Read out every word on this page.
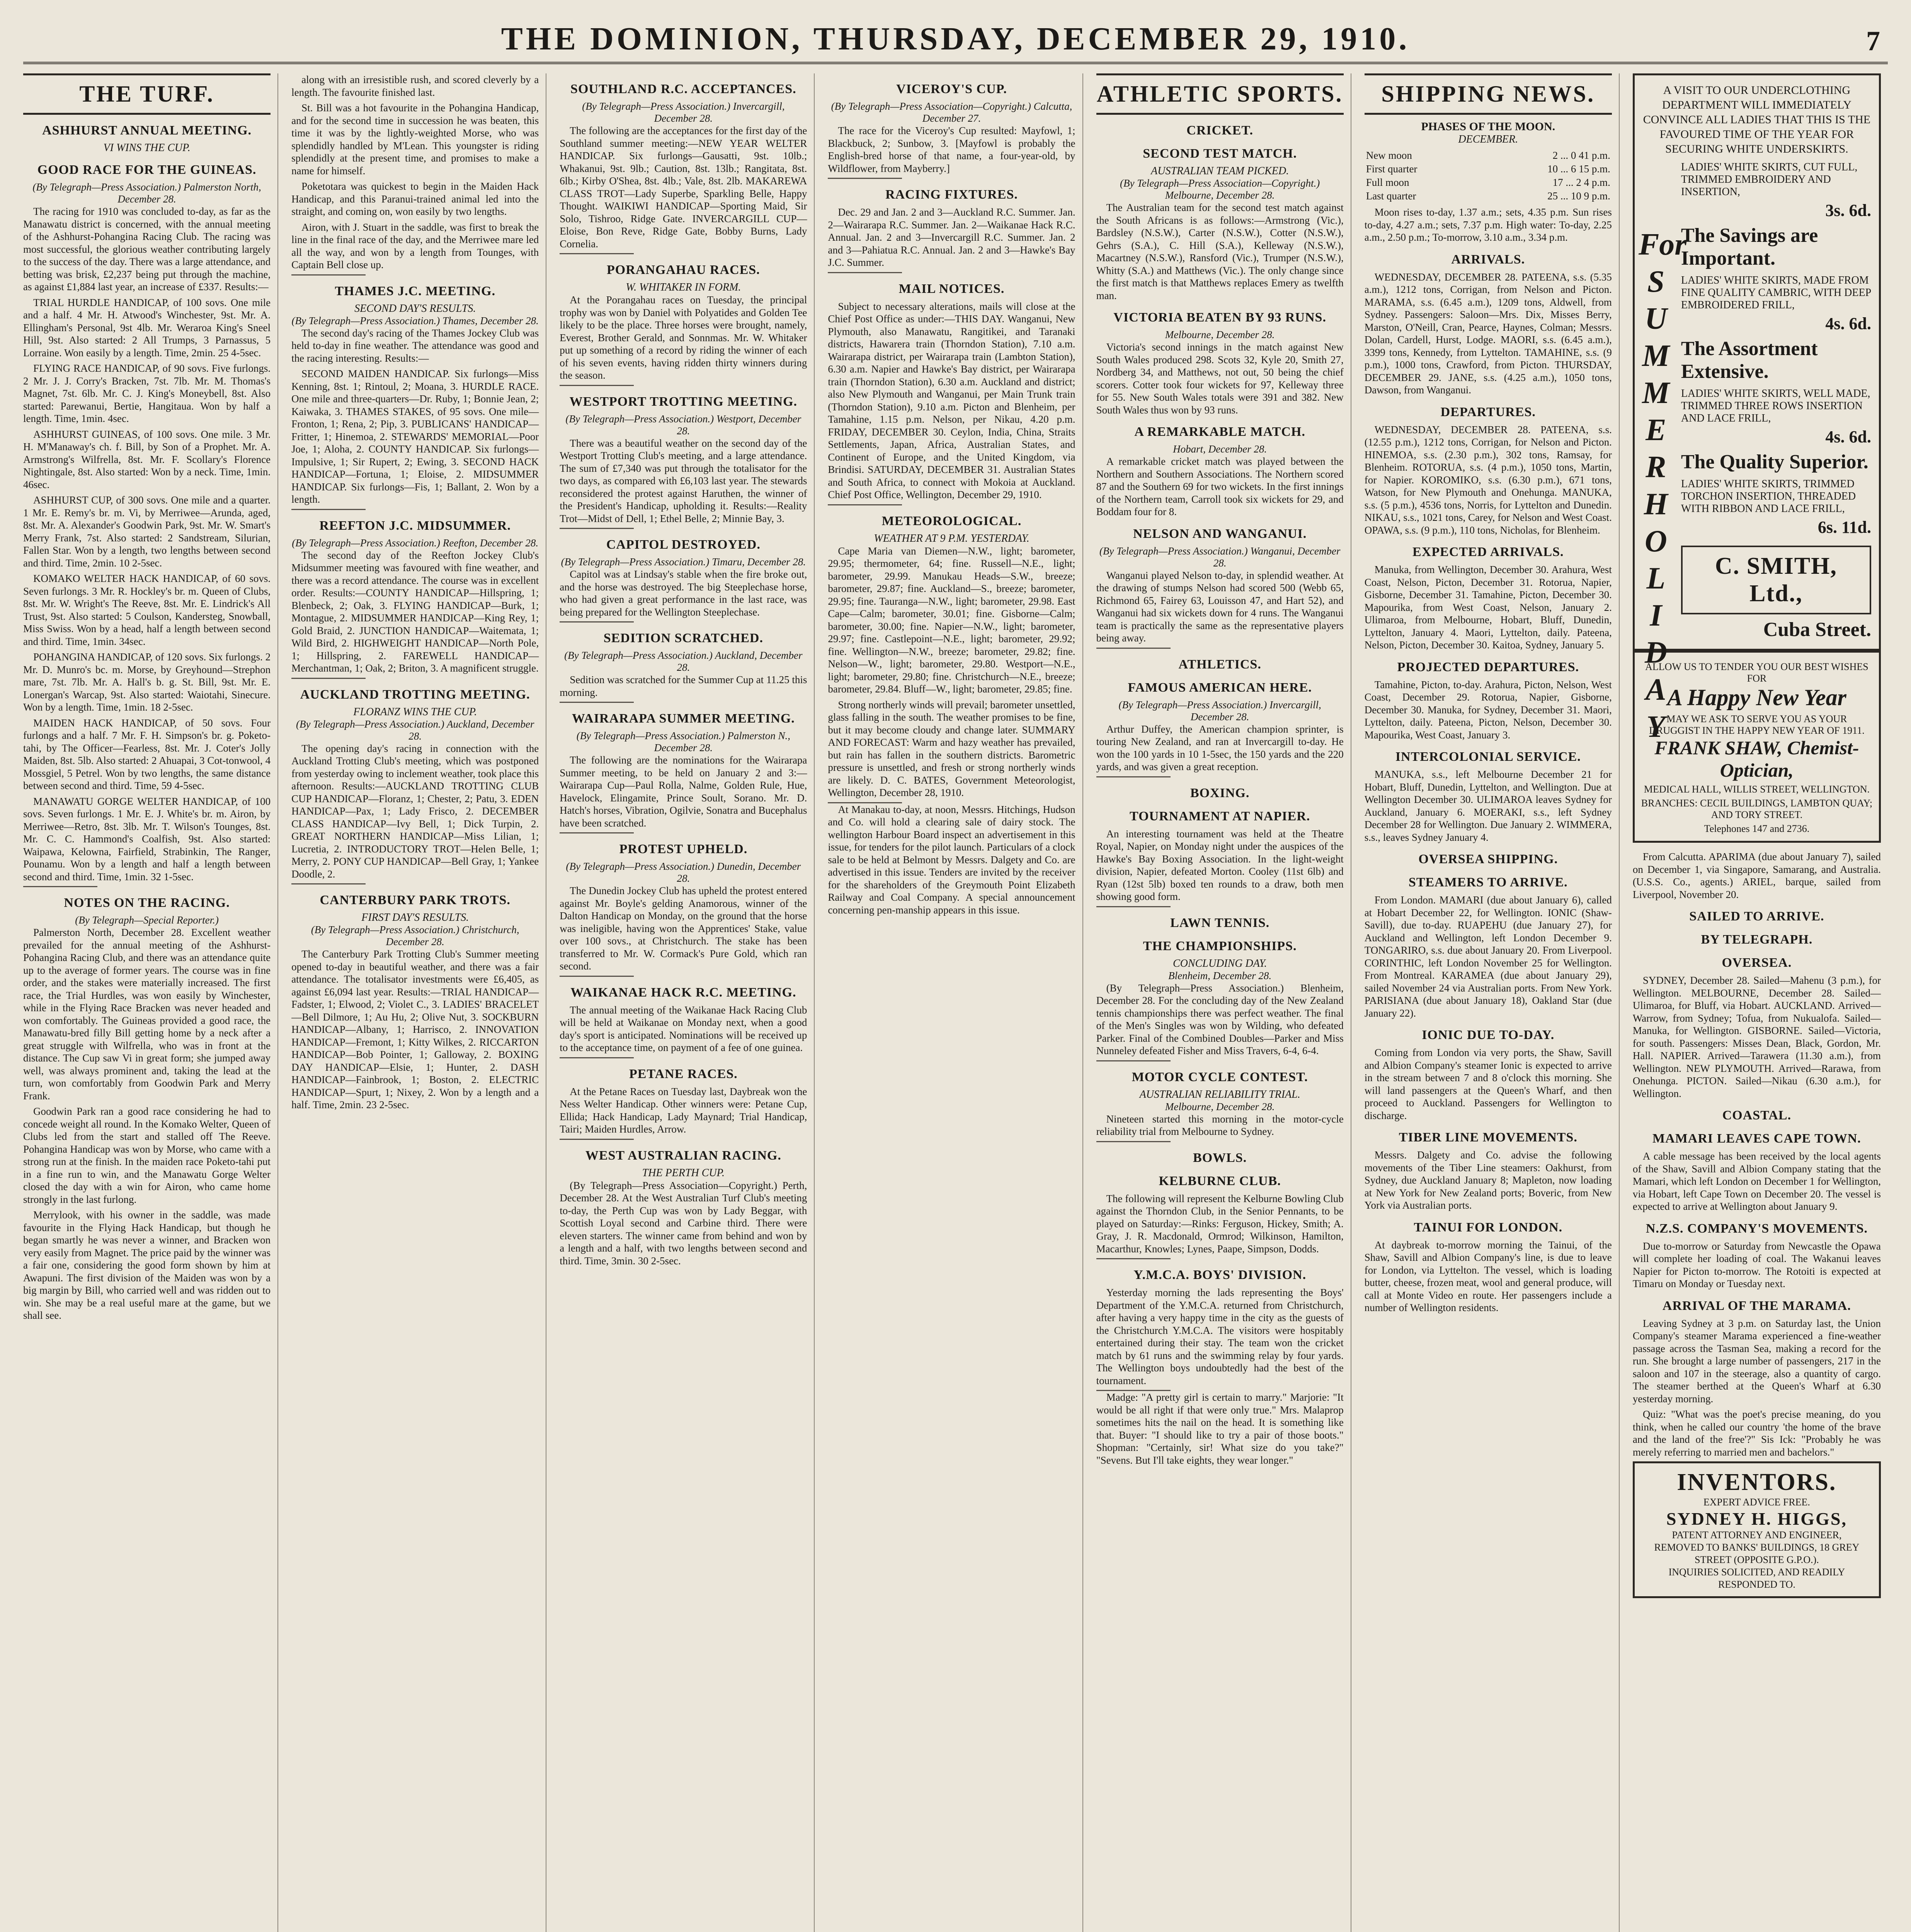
THE DOMINION, THURSDAY, DECEMBER 29, 1910.	7
THE TURF.
ASHHURST ANNUAL MEETING.
VI WINS THE CUP.
GOOD RACE FOR THE GUINEAS.
(By Telegraph—Press Association.) Palmerston North, December 28.

The racing for 1910 was concluded to-day, as far as the Manawatu district is concerned, with the annual meeting of the Ashhurst-Pohangina Racing Club. The racing was most successful, the glorious weather contributing largely to the success of the day. There was a large attendance, and betting was brisk, £2,237 being put through the machine, as against £1,884 last year, an increase of £337. Results:—

TRIAL HURDLE HANDICAP, of 100 sovs. One mile and a half. 4 Mr. H. Atwood's Winchester, 9st. Mr. A. Ellingham's Personal, 9st 4lb. Mr. Weraroa King's Sneel Hill, 9st. Also started: 2 All Trumps, 3 Parnassus, 5 Lorraine. Won easily by a length. Time, 2min. 25 4-5sec.

FLYING RACE HANDICAP, of 90 sovs. Five furlongs. 2 Mr. J. J. Corry's Bracken, 7st. 7lb. Mr. M. Thomas's Magnet, 7st. 6lb. Mr. C. J. King's Moneybell, 8st. Also started: Parewanui, Bertie, Hangitaua. Won by half a length. Time, 1min. 4sec.

ASHHURST GUINEAS, of 100 sovs. One mile. 3 Mr. H. M'Manaway's ch. f. Bill, by Son of a Prophet. Mr. A. Armstrong's Wilfrella, 8st. Mr. F. Scollary's Florence Nightingale, 8st. Also started: Won by a neck. Time, 1min. 46sec.

ASHHURST CUP, of 300 sovs. One mile and a quarter. 1 Mr. E. Remy's br. m. Vi, by Merriwee—Arunda, aged, 8st. Mr. A. Alexander's Goodwin Park, 9st. Mr. W. Smart's Merry Frank, 7st. Also started: 2 Sandstream, Silurian, Fallen Star. Won by a length, two lengths between second and third. Time, 2min. 10 2-5sec.

KOMAKO WELTER HACK HANDICAP, of 60 sovs. Seven furlongs. 3 Mr. R. Hockley's br. m. Queen of Clubs, 8st. Mr. W. Wright's The Reeve, 8st. Mr. E. Lindrick's All Trust, 9st. Also started: 5 Coulson, Kandersteg, Snowball, Miss Swiss. Won by a head, half a length between second and third. Time, 1min. 34sec.

POHANGINA HANDICAP, of 120 sovs. Six furlongs. 2 Mr. D. Munro's bc. m. Morse, by Greyhound—Strephon mare, 7st. 7lb. Mr. A. Hall's b. g. St. Bill, 9st. Mr. E. Lonergan's Warcap, 9st. Also started: Waiotahi, Sinecure. Won by a length. Time, 1min. 18 2-5sec.

MAIDEN HACK HANDICAP, of 50 sovs. Four furlongs and a half. 7 Mr. F. H. Simpson's br. g. Poketo-tahi, by The Officer—Fearless, 8st. Mr. J. Coter's Jolly Maiden, 8st. 5lb. Also started: 2 Ahuapai, 3 Cot-tonwool, 4 Mossgiel, 5 Petrel. Won by two lengths, the same distance between second and third. Time, 59 4-5sec.

MANAWATU GORGE WELTER HANDICAP, of 100 sovs. Seven furlongs. 1 Mr. E. J. White's br. m. Airon, by Merriwee—Retro, 8st. 3lb. Mr. T. Wilson's Tounges, 8st. Mr. C. C. Hammond's Coalfish, 9st. Also started: Waipawa, Kelowna, Fairfield, Strabinkin, The Ranger, Pounamu. Won by a length and half a length between second and third. Time, 1min. 32 1-5sec.

NOTES ON THE RACING.
(By Telegraph—Special Reporter.)

Palmerston North, December 28. Excellent weather prevailed for the annual meeting of the Ashhurst-Pohangina Racing Club, and there was an attendance quite up to the average of former years. The course was in fine order, and the stakes were materially increased. The first race, the Trial Hurdles, was won easily by Winchester, while in the Flying Race Bracken was never headed and won comfortably. The Guineas provided a good race, the Manawatu-bred filly Bill getting home by a neck after a great struggle with Wilfrella, who was in front at the distance. The Cup saw Vi in great form; she jumped away well, was always prominent and, taking the lead at the turn, won comfortably from Goodwin Park and Merry Frank.

Goodwin Park ran a good race considering he had to concede weight all round. In the Komako Welter, Queen of Clubs led from the start and stalled off The Reeve. Pohangina Handicap was won by Morse, who came with a strong run at the finish. In the maiden race Poketo-tahi put in a fine run to win, and the Manawatu Gorge Welter closed the day with a win for Airon, who came home strongly in the last furlong.

Merrylook, with his owner in the saddle, was made favourite in the Flying Hack Handicap, but though he began smartly he was never a winner, and Bracken won very easily from Magnet. The price paid by the winner was a fair one, considering the good form shown by him at Awapuni. The first division of the Maiden was won by a big margin by Bill, who carried well and was ridden out to win. She may be a real useful mare at the game, but we shall see.

along with an irresistible rush, and scored cleverly by a length. The favourite finished last.

St. Bill was a hot favourite in the Pohangina Handicap, and for the second time in succession he was beaten, this time it was by the lightly-weighted Morse, who was splendidly handled by M'Lean. This youngster is riding splendidly at the present time, and promises to make a name for himself.

Poketotara was quickest to begin in the Maiden Hack Handicap, and this Paranui-trained animal led into the straight, and coming on, won easily by two lengths.

Airon, with J. Stuart in the saddle, was first to break the line in the final race of the day, and the Merriwee mare led all the way, and won by a length from Tounges, with Captain Bell close up.

THAMES J.C. MEETING.
SECOND DAY'S RESULTS.
(By Telegraph—Press Association.) Thames, December 28.

The second day's racing of the Thames Jockey Club was held to-day in fine weather. The attendance was good and the racing interesting. Results:—

SECOND MAIDEN HANDICAP. Six furlongs—Miss Kenning, 8st. 1; Rintoul, 2; Moana, 3. HURDLE RACE. One mile and three-quarters—Dr. Ruby, 1; Bonnie Jean, 2; Kaiwaka, 3. THAMES STAKES, of 95 sovs. One mile—Fronton, 1; Rena, 2; Pip, 3. PUBLICANS' HANDICAP—Fritter, 1; Hinemoa, 2. STEWARDS' MEMORIAL—Poor Joe, 1; Aloha, 2. COUNTY HANDICAP. Six furlongs—Impulsive, 1; Sir Rupert, 2; Ewing, 3. SECOND HACK HANDICAP—Fortuna, 1; Eloise, 2. MIDSUMMER HANDICAP. Six furlongs—Fis, 1; Ballant, 2. Won by a length.

REEFTON J.C. MIDSUMMER.
(By Telegraph—Press Association.) Reefton, December 28.

The second day of the Reefton Jockey Club's Midsummer meeting was favoured with fine weather, and there was a record attendance. The course was in excellent order. Results:—COUNTY HANDICAP—Hillspring, 1; Blenbeck, 2; Oak, 3. FLYING HANDICAP—Burk, 1; Montague, 2. MIDSUMMER HANDICAP—King Rey, 1; Gold Braid, 2. JUNCTION HANDICAP—Waitemata, 1; Wild Bird, 2. HIGHWEIGHT HANDICAP—North Pole, 1; Hillspring, 2. FAREWELL HANDICAP—Merchantman, 1; Oak, 2; Briton, 3. A magnificent struggle.

AUCKLAND TROTTING MEETING.
FLORANZ WINS THE CUP.
(By Telegraph—Press Association.) Auckland, December 28.

The opening day's racing in connection with the Auckland Trotting Club's meeting, which was postponed from yesterday owing to inclement weather, took place this afternoon. Results:—AUCKLAND TROTTING CLUB CUP HANDICAP—Floranz, 1; Chester, 2; Patu, 3. EDEN HANDICAP—Pax, 1; Lady Frisco, 2. DECEMBER CLASS HANDICAP—Ivy Bell, 1; Dick Turpin, 2. GREAT NORTHERN HANDICAP—Miss Lilian, 1; Lucretia, 2. INTRODUCTORY TROT—Helen Belle, 1; Merry, 2. PONY CUP HANDICAP—Bell Gray, 1; Yankee Doodle, 2.

CANTERBURY PARK TROTS.
FIRST DAY'S RESULTS.
(By Telegraph—Press Association.) Christchurch, December 28.

The Canterbury Park Trotting Club's Summer meeting opened to-day in beautiful weather, and there was a fair attendance. The totalisator investments were £6,405, as against £6,094 last year. Results:—TRIAL HANDICAP—Fadster, 1; Elwood, 2; Violet C., 3. LADIES' BRACELET—Bell Dilmore, 1; Au Hu, 2; Olive Nut, 3. SOCKBURN HANDICAP—Albany, 1; Harrisco, 2. INNOVATION HANDICAP—Fremont, 1; Kitty Wilkes, 2. RICCARTON HANDICAP—Bob Pointer, 1; Galloway, 2. BOXING DAY HANDICAP—Elsie, 1; Hunter, 2. DASH HANDICAP—Fainbrook, 1; Boston, 2. ELECTRIC HANDICAP—Spurt, 1; Nixey, 2. Won by a length and a half. Time, 2min. 23 2-5sec.

SOUTHLAND R.C. ACCEPTANCES.
(By Telegraph—Press Association.) Invercargill, December 28.

The following are the acceptances for the first day of the Southland summer meeting:—NEW YEAR WELTER HANDICAP. Six furlongs—Gausatti, 9st. 10lb.; Whakanui, 9st. 9lb.; Caution, 8st. 13lb.; Rangitata, 8st. 6lb.; Kirby O'Shea, 8st. 4lb.; Vale, 8st. 2lb. MAKAREWA CLASS TROT—Lady Superbe, Sparkling Belle, Happy Thought. WAIKIWI HANDICAP—Sporting Maid, Sir Solo, Tishroo, Ridge Gate. INVERCARGILL CUP—Eloise, Bon Reve, Ridge Gate, Bobby Burns, Lady Cornelia.

PORANGAHAU RACES.
W. WHITAKER IN FORM.

At the Porangahau races on Tuesday, the principal trophy was won by Daniel with Polyatides and Golden Tee likely to be the place. Three horses were brought, namely, Everest, Brother Gerald, and Sonnmas. Mr. W. Whitaker put up something of a record by riding the winner of each of his seven events, having ridden thirty winners during the season.

WESTPORT TROTTING MEETING.
(By Telegraph—Press Association.) Westport, December 28.

There was a beautiful weather on the second day of the Westport Trotting Club's meeting, and a large attendance. The sum of £7,340 was put through the totalisator for the two days, as compared with £6,103 last year. The stewards reconsidered the protest against Haruthen, the winner of the President's Handicap, upholding it. Results:—Reality Trot—Midst of Dell, 1; Ethel Belle, 2; Minnie Bay, 3.

CAPITOL DESTROYED.
(By Telegraph—Press Association.) Timaru, December 28.

Capitol was at Lindsay's stable when the fire broke out, and the horse was destroyed. The big Steeplechase horse, who had given a great performance in the last race, was being prepared for the Wellington Steeplechase.

SEDITION SCRATCHED.
(By Telegraph—Press Association.) Auckland, December 28.

Sedition was scratched for the Summer Cup at 11.25 this morning.

WAIRARAPA SUMMER MEETING.
(By Telegraph—Press Association.) Palmerston N., December 28.

The following are the nominations for the Wairarapa Summer meeting, to be held on January 2 and 3:—Wairarapa Cup—Paul Rolla, Nalme, Golden Rule, Hue, Havelock, Elingamite, Prince Soult, Sorano. Mr. D. Hatch's horses, Vibration, Ogilvie, Sonatra and Bucephalus have been scratched.

PROTEST UPHELD.
(By Telegraph—Press Association.) Dunedin, December 28.

The Dunedin Jockey Club has upheld the protest entered against Mr. Boyle's gelding Anamorous, winner of the Dalton Handicap on Monday, on the ground that the horse was ineligible, having won the Apprentices' Stake, value over 100 sovs., at Christchurch. The stake has been transferred to Mr. W. Cormack's Pure Gold, which ran second.

WAIKANAE HACK R.C. MEETING.

The annual meeting of the Waikanae Hack Racing Club will be held at Waikanae on Monday next, when a good day's sport is anticipated. Nominations will be received up to the acceptance time, on payment of a fee of one guinea.

PETANE RACES.

At the Petane Races on Tuesday last, Daybreak won the Ness Welter Handicap. Other winners were: Petane Cup, Ellida; Hack Handicap, Lady Maynard; Trial Handicap, Tairi; Maiden Hurdles, Arrow.

WEST AUSTRALIAN RACING.
THE PERTH CUP.

(By Telegraph—Press Association—Copyright.) Perth, December 28. At the West Australian Turf Club's meeting to-day, the Perth Cup was won by Lady Beggar, with Scottish Loyal second and Carbine third. There were eleven starters. The winner came from behind and won by a length and a half, with two lengths between second and third. Time, 3min. 30 2-5sec.

VICEROY'S CUP.
(By Telegraph—Press Association—Copyright.) Calcutta, December 27.

The race for the Viceroy's Cup resulted: Mayfowl, 1; Blackbuck, 2; Sunbow, 3. [Mayfowl is probably the English-bred horse of that name, a four-year-old, by Wildflower, from Mayberry.]

RACING FIXTURES.

Dec. 29 and Jan. 2 and 3—Auckland R.C. Summer. Jan. 2—Wairarapa R.C. Summer. Jan. 2—Waikanae Hack R.C. Annual. Jan. 2 and 3—Invercargill R.C. Summer. Jan. 2 and 3—Pahiatua R.C. Annual. Jan. 2 and 3—Hawke's Bay J.C. Summer.

MAIL NOTICES.

Subject to necessary alterations, mails will close at the Chief Post Office as under:—THIS DAY. Wanganui, New Plymouth, also Manawatu, Rangitikei, and Taranaki districts, Hawarera train (Thorndon Station), 7.10 a.m. Wairarapa district, per Wairarapa train (Lambton Station), 6.30 a.m. Napier and Hawke's Bay district, per Wairarapa train (Thorndon Station), 6.30 a.m. Auckland and district; also New Plymouth and Wanganui, per Main Trunk train (Thorndon Station), 9.10 a.m. Picton and Blenheim, per Tamahine, 1.15 p.m. Nelson, per Nikau, 4.20 p.m. FRIDAY, DECEMBER 30. Ceylon, India, China, Straits Settlements, Japan, Africa, Australian States, and Continent of Europe, and the United Kingdom, via Brindisi. SATURDAY, DECEMBER 31. Australian States and South Africa, to connect with Mokoia at Auckland. Chief Post Office, Wellington, December 29, 1910.

METEOROLOGICAL.
WEATHER AT 9 P.M. YESTERDAY.

Cape Maria van Diemen—N.W., light; barometer, 29.95; thermometer, 64; fine. Russell—N.E., light; barometer, 29.99. Manukau Heads—S.W., breeze; barometer, 29.87; fine. Auckland—S., breeze; barometer, 29.95; fine. Tauranga—N.W., light; barometer, 29.98. East Cape—Calm; barometer, 30.01; fine. Gisborne—Calm; barometer, 30.00; fine. Napier—N.W., light; barometer, 29.97; fine. Castlepoint—N.E., light; barometer, 29.92; fine. Wellington—N.W., breeze; barometer, 29.82; fine. Nelson—W., light; barometer, 29.80. Westport—N.E., light; barometer, 29.80; fine. Christchurch—N.E., breeze; barometer, 29.84. Bluff—W., light; barometer, 29.85; fine.

Strong northerly winds will prevail; barometer unsettled, glass falling in the south. The weather promises to be fine, but it may become cloudy and change later. SUMMARY AND FORECAST: Warm and hazy weather has prevailed, but rain has fallen in the southern districts. Barometric pressure is unsettled, and fresh or strong northerly winds are likely. D. C. BATES, Government Meteorologist, Wellington, December 28, 1910.

At Manakau to-day, at noon, Messrs. Hitchings, Hudson and Co. will hold a clearing sale of dairy stock. The wellington Harbour Board inspect an advertisement in this issue, for tenders for the pilot launch. Particulars of a clock sale to be held at Belmont by Messrs. Dalgety and Co. are advertised in this issue. Tenders are invited by the receiver for the shareholders of the Greymouth Point Elizabeth Railway and Coal Company. A special announcement concerning pen-manship appears in this issue.

ATHLETIC SPORTS.
CRICKET.
SECOND TEST MATCH.
AUSTRALIAN TEAM PICKED.
(By Telegraph—Press Association—Copyright.) Melbourne, December 28.

The Australian team for the second test match against the South Africans is as follows:—Armstrong (Vic.), Bardsley (N.S.W.), Carter (N.S.W.), Cotter (N.S.W.), Gehrs (S.A.), C. Hill (S.A.), Kelleway (N.S.W.), Macartney (N.S.W.), Ransford (Vic.), Trumper (N.S.W.), Whitty (S.A.) and Matthews (Vic.). The only change since the first match is that Matthews replaces Emery as twelfth man.

VICTORIA BEATEN BY 93 RUNS.
Melbourne, December 28.

Victoria's second innings in the match against New South Wales produced 298. Scots 32, Kyle 20, Smith 27, Nordberg 34, and Matthews, not out, 50 being the chief scorers. Cotter took four wickets for 97, Kelleway three for 55. New South Wales totals were 391 and 382. New South Wales thus won by 93 runs.

A REMARKABLE MATCH.
Hobart, December 28.

A remarkable cricket match was played between the Northern and Southern Associations. The Northern scored 87 and the Southern 69 for two wickets. In the first innings of the Northern team, Carroll took six wickets for 29, and Boddam four for 8.

NELSON AND WANGANUI.
(By Telegraph—Press Association.) Wanganui, December 28.

Wanganui played Nelson to-day, in splendid weather. At the drawing of stumps Nelson had scored 500 (Webb 65, Richmond 65, Fairey 63, Louisson 47, and Hart 52), and Wanganui had six wickets down for 4 runs. The Wanganui team is practically the same as the representative players being away.

ATHLETICS.
FAMOUS AMERICAN HERE.
(By Telegraph—Press Association.) Invercargill, December 28.

Arthur Duffey, the American champion sprinter, is touring New Zealand, and ran at Invercargill to-day. He won the 100 yards in 10 1-5sec, the 150 yards and the 220 yards, and was given a great reception.

BOXING.
TOURNAMENT AT NAPIER.

An interesting tournament was held at the Theatre Royal, Napier, on Monday night under the auspices of the Hawke's Bay Boxing Association. In the light-weight division, Napier, defeated Morton. Cooley (11st 6lb) and Ryan (12st 5lb) boxed ten rounds to a draw, both men showing good form.

LAWN TENNIS.
THE CHAMPIONSHIPS.
CONCLUDING DAY.
Blenheim, December 28.

(By Telegraph—Press Association.) Blenheim, December 28. For the concluding day of the New Zealand tennis championships there was perfect weather. The final of the Men's Singles was won by Wilding, who defeated Parker. Final of the Combined Doubles—Parker and Miss Nunneley defeated Fisher and Miss Travers, 6-4, 6-4.

MOTOR CYCLE CONTEST.
AUSTRALIAN RELIABILITY TRIAL.
Melbourne, December 28.

Nineteen started this morning in the motor-cycle reliability trial from Melbourne to Sydney.

BOWLS.
KELBURNE CLUB.

The following will represent the Kelburne Bowling Club against the Thorndon Club, in the Senior Pennants, to be played on Saturday:—Rinks: Ferguson, Hickey, Smith; A. Gray, J. R. Macdonald, Ormrod; Wilkinson, Hamilton, Macarthur, Knowles; Lynes, Paape, Simpson, Dodds.

Y.M.C.A. BOYS' DIVISION.

Yesterday morning the lads representing the Boys' Department of the Y.M.C.A. returned from Christchurch, after having a very happy time in the city as the guests of the Christchurch Y.M.C.A. The visitors were hospitably entertained during their stay. The team won the cricket match by 61 runs and the swimming relay by four yards. The Wellington boys undoubtedly had the best of the tournament.

Madge: "A pretty girl is certain to marry." Marjorie: "It would be all right if that were only true." Mrs. Malaprop sometimes hits the nail on the head. It is something like that. Buyer: "I should like to try a pair of those boots." Shopman: "Certainly, sir! What size do you take?" "Sevens. But I'll take eights, they wear longer."

SHIPPING NEWS.
PHASES OF THE MOON.
DECEMBER.
New moon	2 ... 0 41 p.m.
First quarter	10 ... 6 15 p.m.
Full moon	17 ... 2 4 p.m.
Last quarter	25 ... 10 9 p.m.

Moon rises to-day, 1.37 a.m.; sets, 4.35 p.m. Sun rises to-day, 4.27 a.m.; sets, 7.37 p.m. High water: To-day, 2.25 a.m., 2.50 p.m.; To-morrow, 3.10 a.m., 3.34 p.m.

ARRIVALS.

WEDNESDAY, DECEMBER 28. PATEENA, s.s. (5.35 a.m.), 1212 tons, Corrigan, from Nelson and Picton. MARAMA, s.s. (6.45 a.m.), 1209 tons, Aldwell, from Sydney. Passengers: Saloon—Mrs. Dix, Misses Berry, Marston, O'Neill, Cran, Pearce, Haynes, Colman; Messrs. Dolan, Cardell, Hurst, Lodge. MAORI, s.s. (6.45 a.m.), 3399 tons, Kennedy, from Lyttelton. TAMAHINE, s.s. (9 p.m.), 1000 tons, Crawford, from Picton. THURSDAY, DECEMBER 29. JANE, s.s. (4.25 a.m.), 1050 tons, Dawson, from Wanganui.

DEPARTURES.

WEDNESDAY, DECEMBER 28. PATEENA, s.s. (12.55 p.m.), 1212 tons, Corrigan, for Nelson and Picton. HINEMOA, s.s. (2.30 p.m.), 302 tons, Ramsay, for Blenheim. ROTORUA, s.s. (4 p.m.), 1050 tons, Martin, for Napier. KOROMIKO, s.s. (6.30 p.m.), 671 tons, Watson, for New Plymouth and Onehunga. MANUKA, s.s. (5 p.m.), 4536 tons, Norris, for Lyttelton and Dunedin. NIKAU, s.s., 1021 tons, Carey, for Nelson and West Coast. OPAWA, s.s. (9 p.m.), 110 tons, Nicholas, for Blenheim.

EXPECTED ARRIVALS.

Manuka, from Wellington, December 30. Arahura, West Coast, Nelson, Picton, December 31. Rotorua, Napier, Gisborne, December 31. Tamahine, Picton, December 30. Mapourika, from West Coast, Nelson, January 2. Ulimaroa, from Melbourne, Hobart, Bluff, Dunedin, Lyttelton, January 4. Maori, Lyttelton, daily. Pateena, Nelson, Picton, December 30. Kaitoa, Sydney, January 5.

PROJECTED DEPARTURES.

Tamahine, Picton, to-day. Arahura, Picton, Nelson, West Coast, December 29. Rotorua, Napier, Gisborne, December 30. Manuka, for Sydney, December 31. Maori, Lyttelton, daily. Pateena, Picton, Nelson, December 30. Mapourika, West Coast, January 3.

INTERCOLONIAL SERVICE.

MANUKA, s.s., left Melbourne December 21 for Hobart, Bluff, Dunedin, Lyttelton, and Wellington. Due at Wellington December 30. ULIMAROA leaves Sydney for Auckland, January 6. MOERAKI, s.s., left Sydney December 28 for Wellington. Due January 2. WIMMERA, s.s., leaves Sydney January 4.

OVERSEA SHIPPING.
STEAMERS TO ARRIVE.

From London. MAMARI (due about January 6), called at Hobart December 22, for Wellington. IONIC (Shaw-Savill), due to-day. RUAPEHU (due January 27), for Auckland and Wellington, left London December 9. TONGARIRO, s.s. due about January 20. From Liverpool. CORINTHIC, left London November 25 for Wellington. From Montreal. KARAMEA (due about January 29), sailed November 24 via Australian ports. From New York. PARISIANA (due about January 18), Oakland Star (due January 22).

IONIC DUE TO-DAY.

Coming from London via very ports, the Shaw, Savill and Albion Company's steamer Ionic is expected to arrive in the stream between 7 and 8 o'clock this morning. She will land passengers at the Queen's Wharf, and then proceed to Auckland. Passengers for Wellington to discharge.

TIBER LINE MOVEMENTS.

Messrs. Dalgety and Co. advise the following movements of the Tiber Line steamers: Oakhurst, from Sydney, due Auckland January 8; Mapleton, now loading at New York for New Zealand ports; Boveric, from New York via Australian ports.

TAINUI FOR LONDON.

At daybreak to-morrow morning the Tainui, of the Shaw, Savill and Albion Company's line, is due to leave for London, via Lyttelton. The vessel, which is loading butter, cheese, frozen meat, wool and general produce, will call at Monte Video en route. Her passengers include a number of Wellington residents.

A VISIT TO OUR UNDERCLOTHING DEPARTMENT WILL IMMEDIATELY CONVINCE ALL LADIES THAT THIS IS THE FAVOURED TIME OF THE YEAR FOR SECURING WHITE UNDERSKIRTS.
For
S
U
M
M
E
R
H
O
L
I
D
A
Y
LADIES' WHITE SKIRTS, CUT FULL, TRIMMED EMBROIDERY AND INSERTION,
3s. 6d.
The Savings are Important.
LADIES' WHITE SKIRTS, MADE FROM FINE QUALITY CAMBRIC, WITH DEEP EMBROIDERED FRILL,
4s. 6d.
The Assortment Extensive.
LADIES' WHITE SKIRTS, WELL MADE, TRIMMED THREE ROWS INSERTION AND LACE FRILL,
4s. 6d.
The Quality Superior.
LADIES' WHITE SKIRTS, TRIMMED TORCHON INSERTION, THREADED WITH RIBBON AND LACE FRILL,
6s. 11d.
C. SMITH, Ltd.,
Cuba Street.
ALLOW US TO TENDER YOU OUR BEST WISHES FOR
A Happy New Year
MAY WE ASK TO SERVE YOU AS YOUR DRUGGIST IN THE HAPPY NEW YEAR OF 1911.
FRANK SHAW, Chemist-Optician,
MEDICAL HALL, WILLIS STREET, WELLINGTON.
BRANCHES: CECIL BUILDINGS, LAMBTON QUAY; AND TORY STREET.
Telephones 147 and 2736.

From Calcutta. APARIMA (due about January 7), sailed on December 1, via Singapore, Samarang, and Australia. (U.S.S. Co., agents.) ARIEL, barque, sailed from Liverpool, November 20.

SAILED TO ARRIVE.
BY TELEGRAPH.
OVERSEA.

SYDNEY, December 28. Sailed—Mahenu (3 p.m.), for Wellington. MELBOURNE, December 28. Sailed—Ulimaroa, for Bluff, via Hobart. AUCKLAND. Arrived—Warrow, from Sydney; Tofua, from Nukualofa. Sailed—Manuka, for Wellington. GISBORNE. Sailed—Victoria, for south. Passengers: Misses Dean, Black, Gordon, Mr. Hall. NAPIER. Arrived—Tarawera (11.30 a.m.), from Wellington. NEW PLYMOUTH. Arrived—Rarawa, from Onehunga. PICTON. Sailed—Nikau (6.30 a.m.), for Wellington.

COASTAL.
MAMARI LEAVES CAPE TOWN.

A cable message has been received by the local agents of the Shaw, Savill and Albion Company stating that the Mamari, which left London on December 1 for Wellington, via Hobart, left Cape Town on December 20. The vessel is expected to arrive at Wellington about January 9.

N.Z.S. COMPANY'S MOVEMENTS.

Due to-morrow or Saturday from Newcastle the Opawa will complete her loading of coal. The Wakanui leaves Napier for Picton to-morrow. The Rotoiti is expected at Timaru on Monday or Tuesday next.

ARRIVAL OF THE MARAMA.

Leaving Sydney at 3 p.m. on Saturday last, the Union Company's steamer Marama experienced a fine-weather passage across the Tasman Sea, making a record for the run. She brought a large number of passengers, 217 in the saloon and 107 in the steerage, also a quantity of cargo. The steamer berthed at the Queen's Wharf at 6.30 yesterday morning.

Quiz: "What was the poet's precise meaning, do you think, when he called our country 'the home of the brave and the land of the free'?" Sis Ick: "Probably he was merely referring to married men and bachelors."

INVENTORS.
EXPERT ADVICE FREE.
SYDNEY H. HIGGS,
PATENT ATTORNEY AND ENGINEER,
REMOVED TO BANKS' BUILDINGS, 18 GREY STREET (OPPOSITE G.P.O.).
INQUIRIES SOLICITED, AND READILY RESPONDED TO.
